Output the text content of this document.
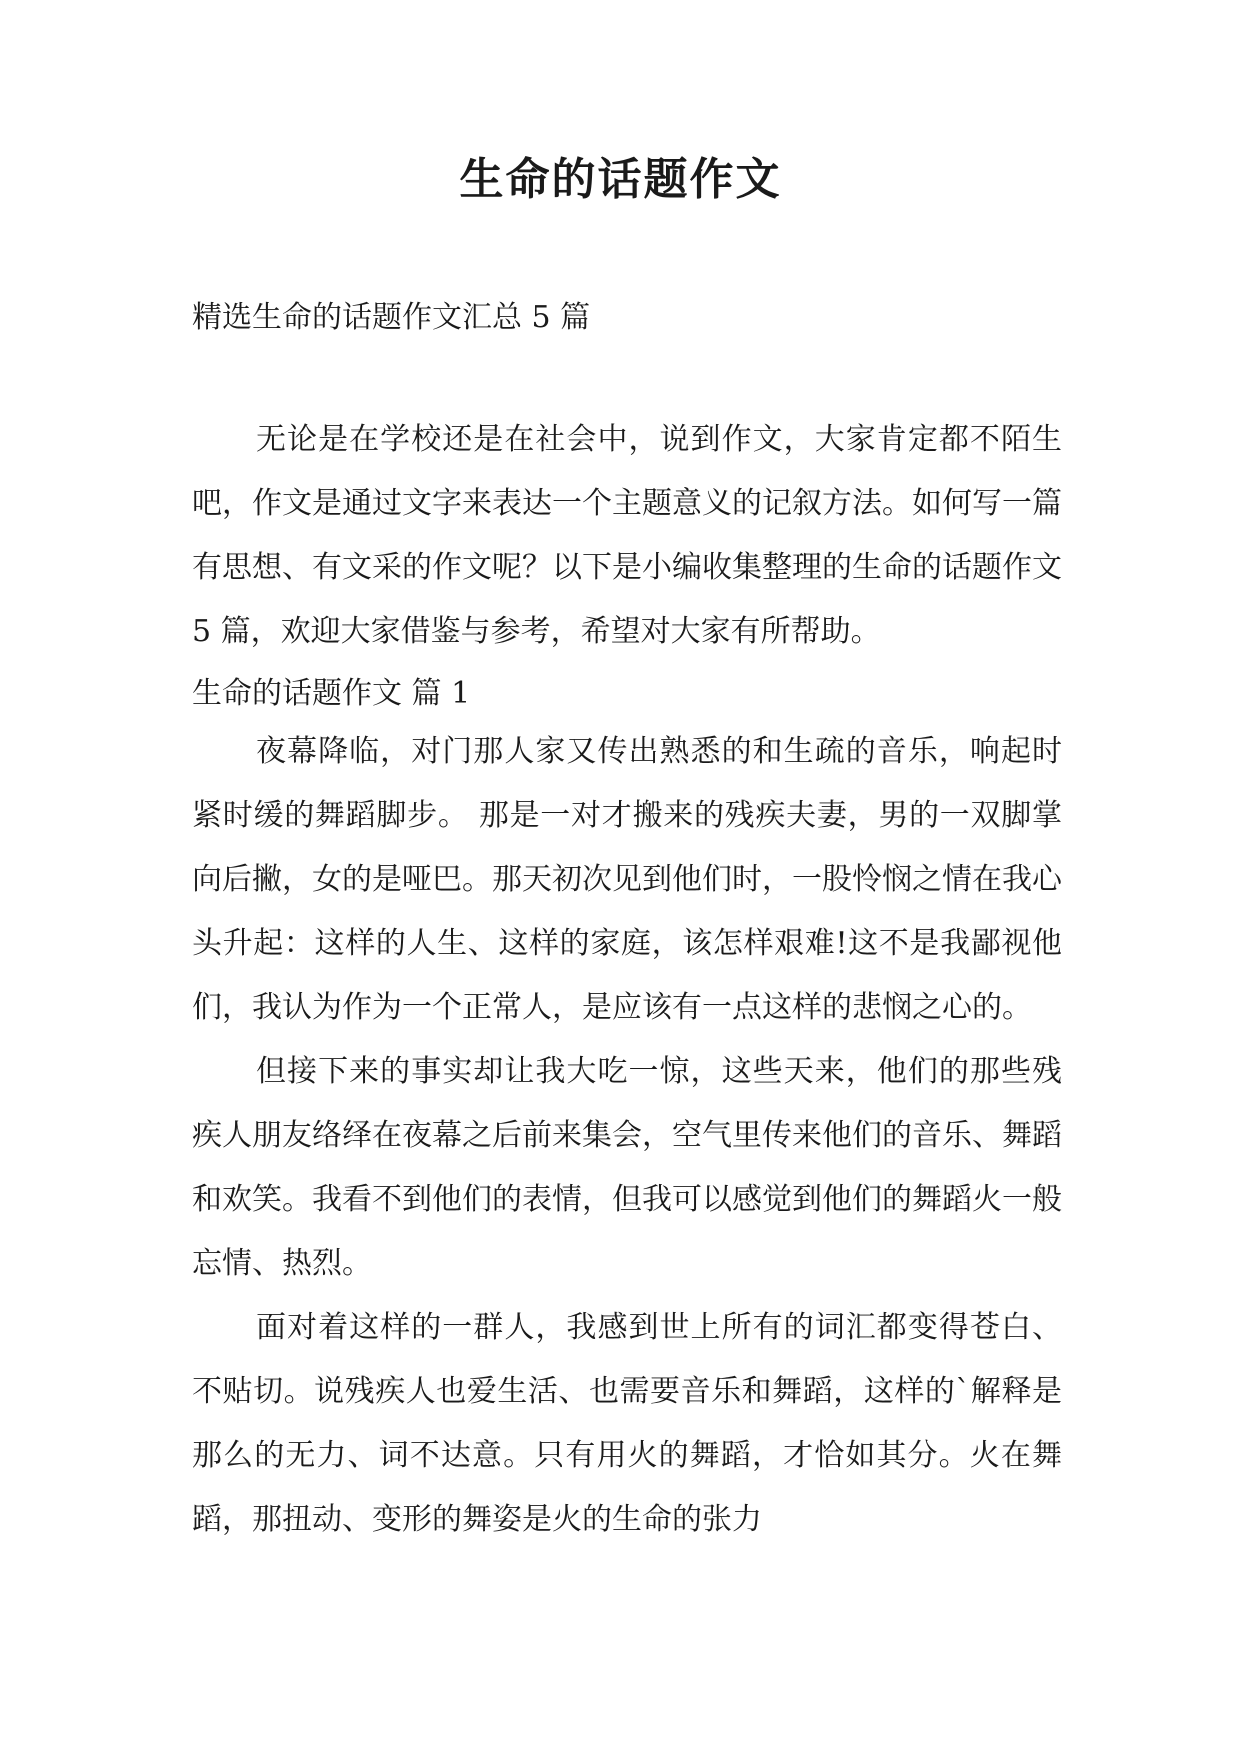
生命的话题作文

精选生命的话题作文汇总 5 篇

无论是在学校还是在社会中，说到作文，大家肯定都不陌生吧，作文是通过文字来表达一个主题意义的记叙方法。如何写一篇有思想、有文采的作文呢？以下是小编收集整理的生命的话题作文 5 篇，欢迎大家借鉴与参考，希望对大家有所帮助。

生命的话题作文 篇 1

夜幕降临，对门那人家又传出熟悉的和生疏的音乐，响起时紧时缓的舞蹈脚步。 那是一对才搬来的残疾夫妻，男的一双脚掌向后撇，女的是哑巴。那天初次见到他们时，一股怜悯之情在我心头升起：这样的人生、这样的家庭，该怎样艰难!这不是我鄙视他们，我认为作为一个正常人，是应该有一点这样的悲悯之心的。

但接下来的事实却让我大吃一惊，这些天来，他们的那些残疾人朋友络绎在夜幕之后前来集会，空气里传来他们的音乐、舞蹈和欢笑。我看不到他们的表情，但我可以感觉到他们的舞蹈火一般忘情、热烈。

面对着这样的一群人，我感到世上所有的词汇都变得苍白、不贴切。说残疾人也爱生活、也需要音乐和舞蹈，这样的`解释是那么的无力、词不达意。只有用火的舞蹈，才恰如其分。火在舞蹈，那扭动、变形的舞姿是火的生命的张力
